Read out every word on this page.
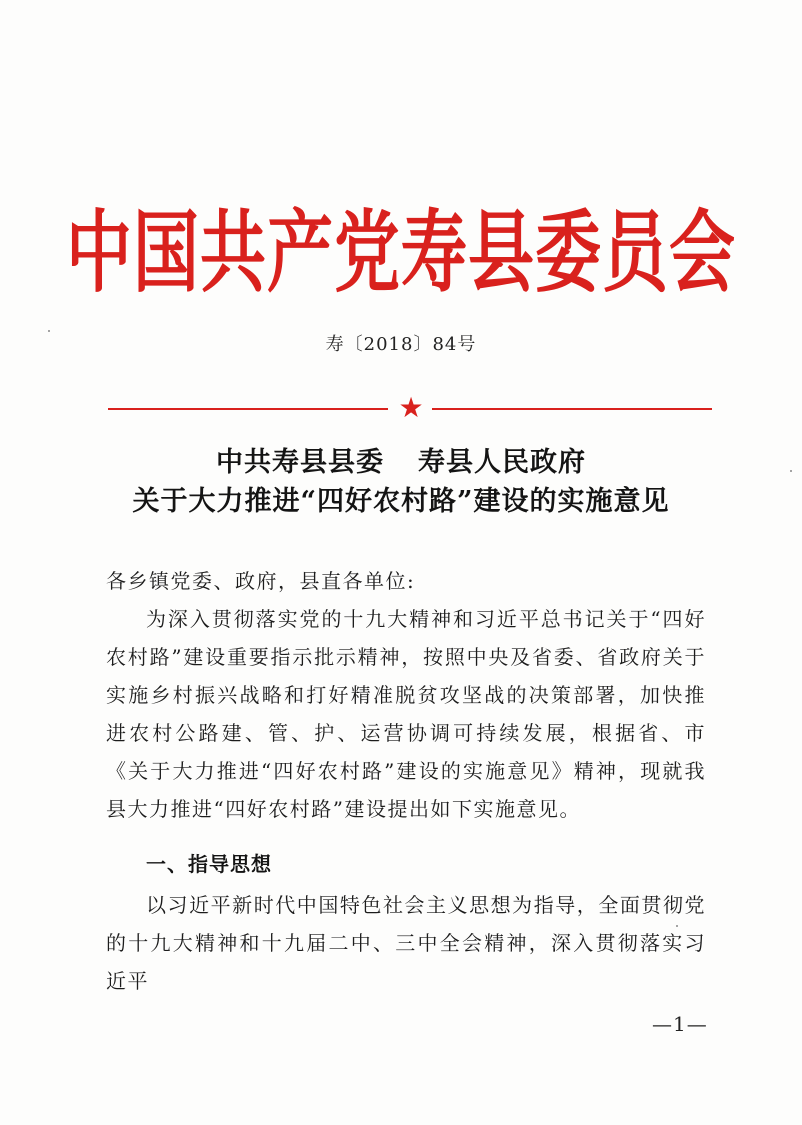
中国共产党寿县委员会
寿〔2018〕84号
★
中共寿县县委 寿县人民政府
关于大力推进“四好农村路”建设的实施意见
各乡镇党委、政府，县直各单位:
为深入贯彻落实党的十九大精神和习近平总书记关于“四好农村路”建设重要指示批示精神，按照中央及省委、省政府关于实施乡村振兴战略和打好精准脱贫攻坚战的决策部署，加快推进农村公路建、管、护、运营协调可持续发展，根据省、市《关于大力推进“四好农村路”建设的实施意见》精神，现就我县大力推进“四好农村路”建设提出如下实施意见。
一、指导思想
以习近平新时代中国特色社会主义思想为指导，全面贯彻党的十九大精神和十九届二中、三中全会精神，深入贯彻落实习近平
—1—
